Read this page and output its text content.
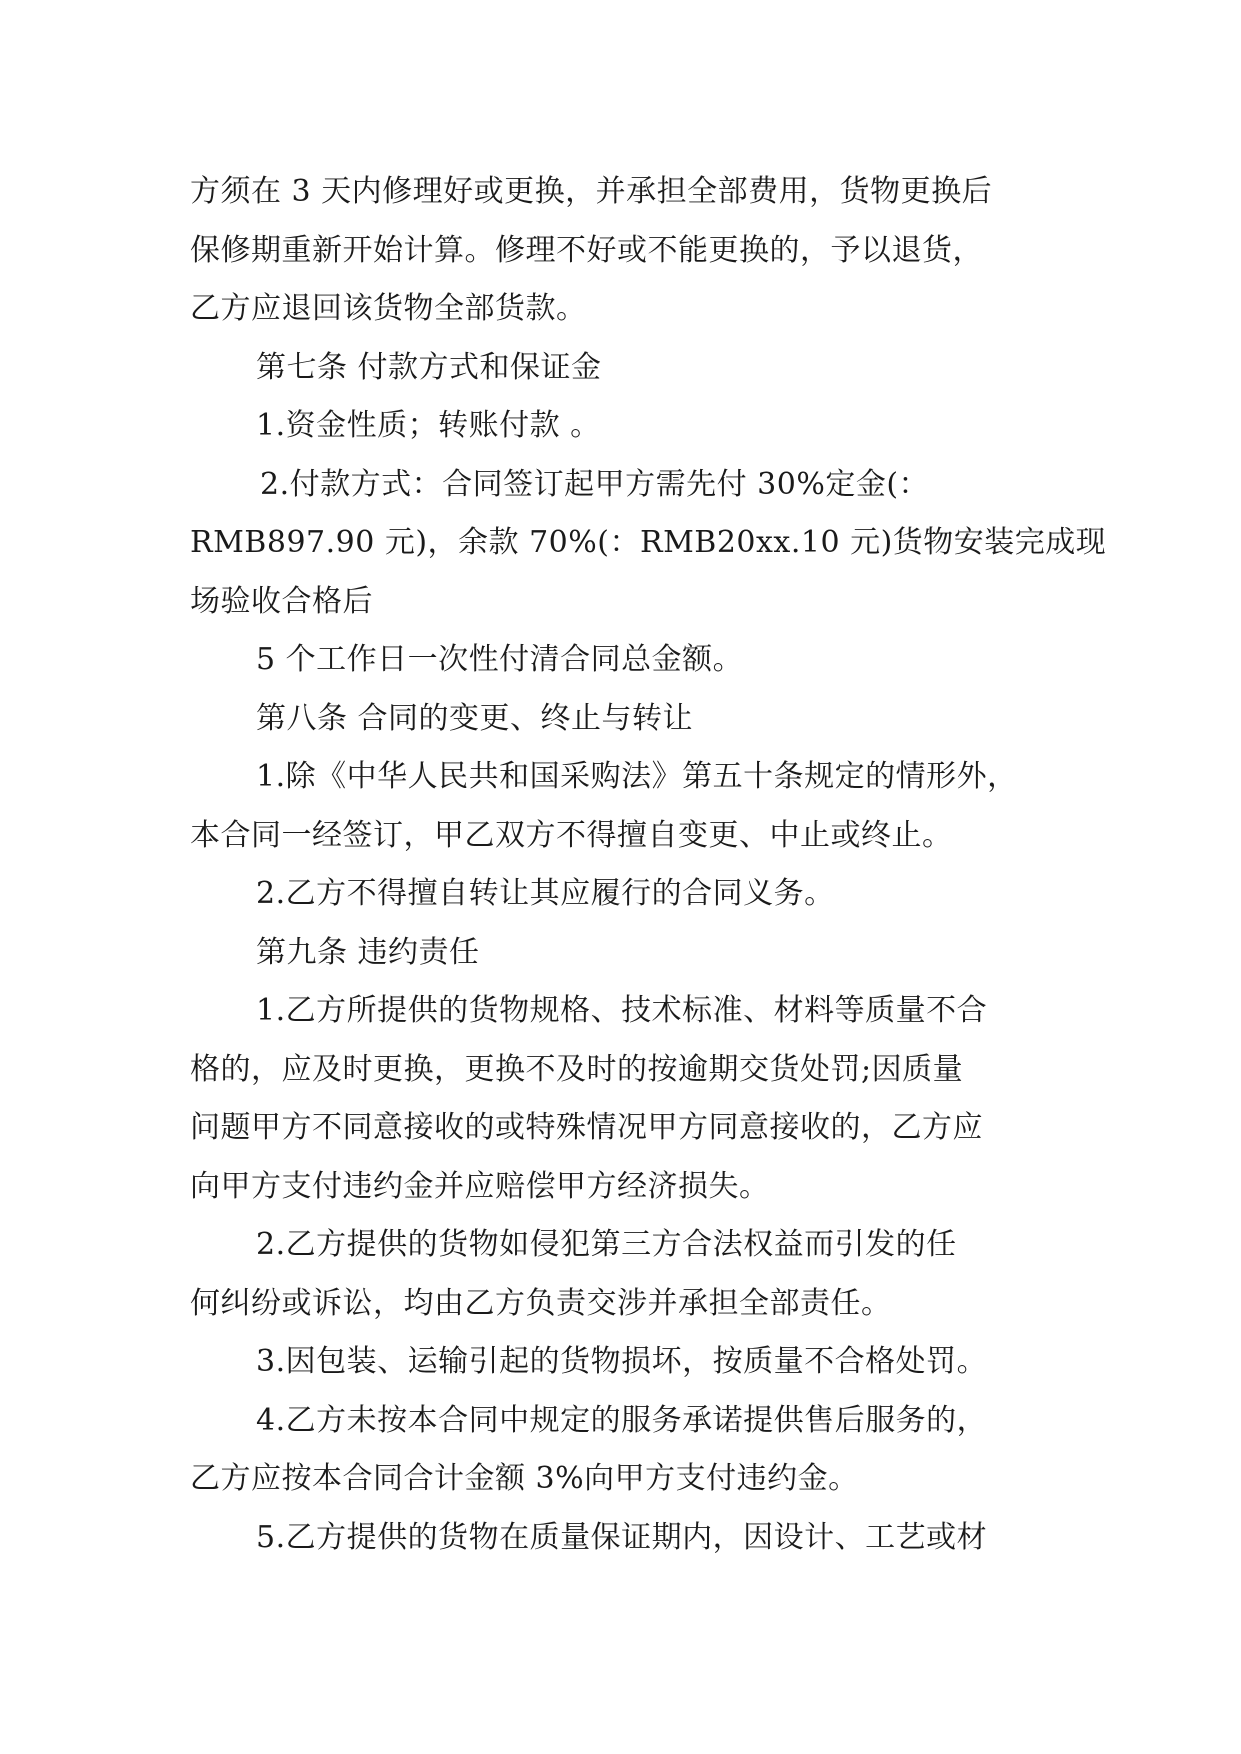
方须在 3 天内修理好或更换，并承担全部费用，货物更换后
保修期重新开始计算。修理不好或不能更换的，予以退货，
乙方应退回该货物全部货款。
第七条 付款方式和保证金
1.资金性质；转账付款 。
2.付款方式：合同签订起甲方需先付 30%定金(：
RMB897.90 元)，余款 70%(：RMB20xx.10 元)货物安装完成现
场验收合格后
5 个工作日一次性付清合同总金额。
第八条 合同的变更、终止与转让
1.除《中华人民共和国采购法》第五十条规定的情形外，
本合同一经签订，甲乙双方不得擅自变更、中止或终止。
2.乙方不得擅自转让其应履行的合同义务。
第九条 违约责任
1.乙方所提供的货物规格、技术标准、材料等质量不合
格的，应及时更换，更换不及时的按逾期交货处罚;因质量
问题甲方不同意接收的或特殊情况甲方同意接收的，乙方应
向甲方支付违约金并应赔偿甲方经济损失。
2.乙方提供的货物如侵犯第三方合法权益而引发的任
何纠纷或诉讼，均由乙方负责交涉并承担全部责任。
3.因包装、运输引起的货物损坏，按质量不合格处罚。
4.乙方未按本合同中规定的服务承诺提供售后服务的，
乙方应按本合同合计金额 3%向甲方支付违约金。
5.乙方提供的货物在质量保证期内，因设计、工艺或材
